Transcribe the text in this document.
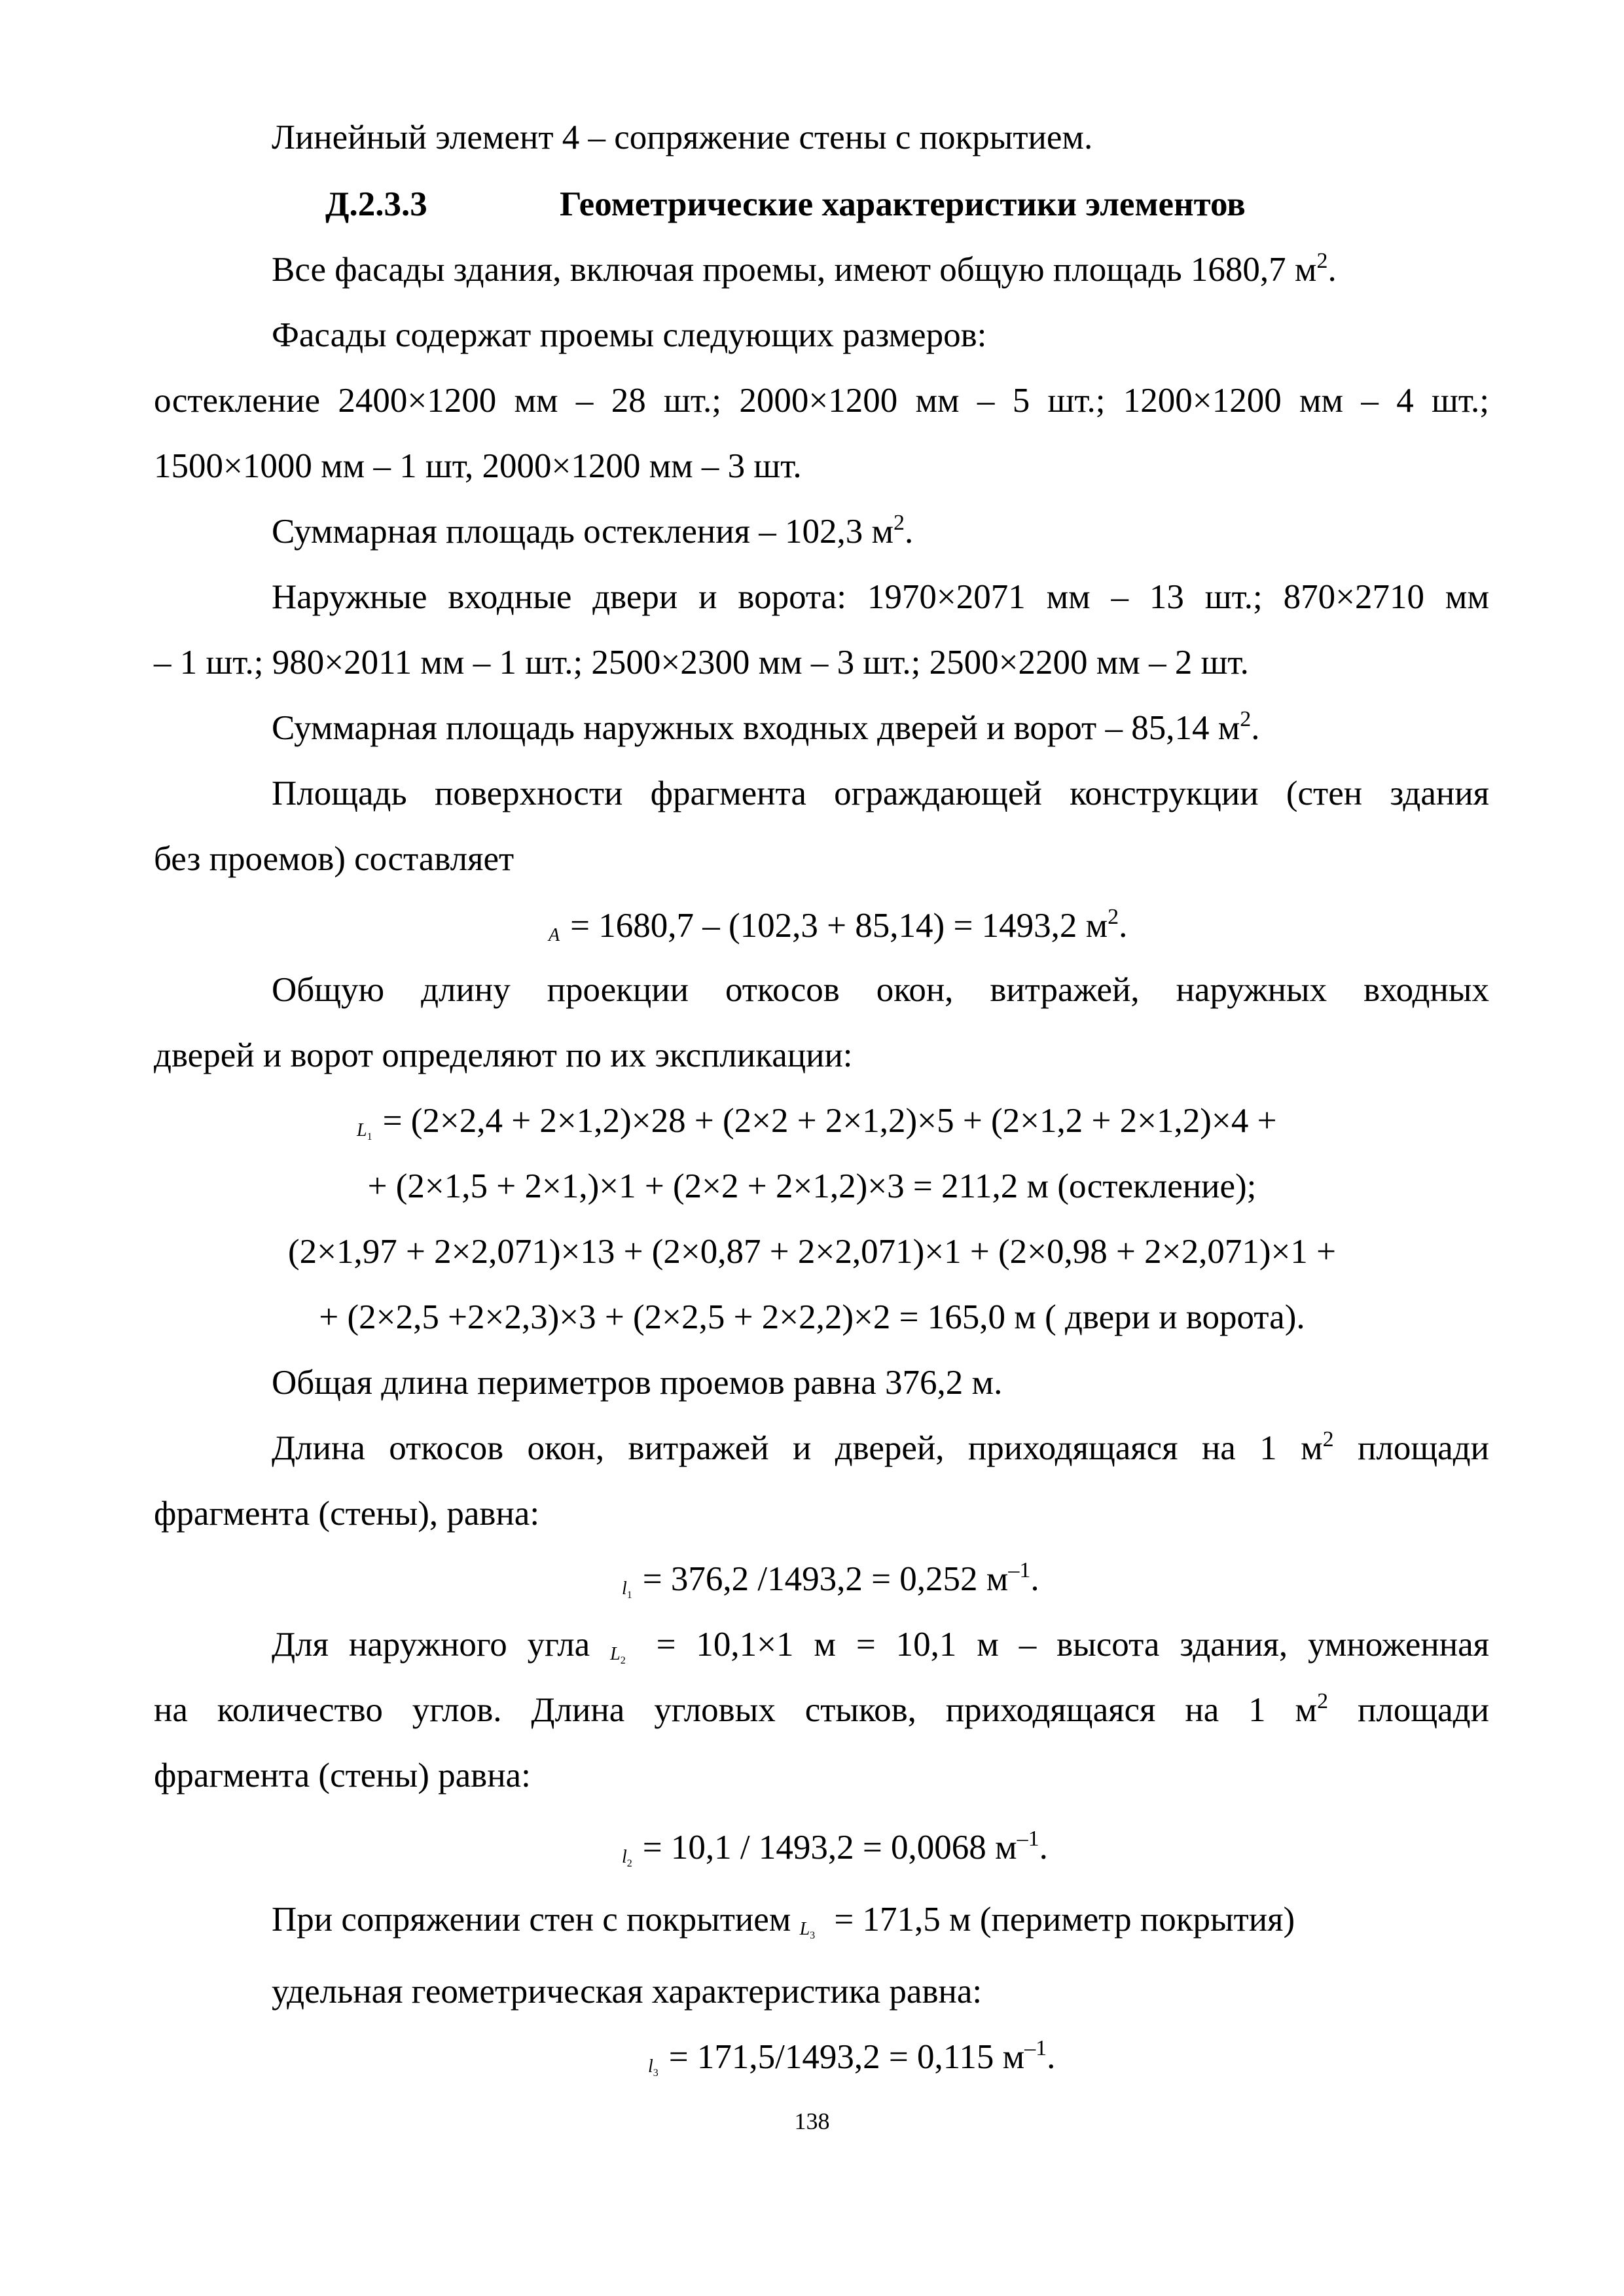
Линейный элемент 4 – сопряжение стены с покрытием.
Д.2.3.3	Геометрические характеристики элементов
Все фасады здания, включая проемы, имеют общую площадь 1680,7 $м^2$.
Фасады содержат проемы следующих размеров:
остекление 2400×1200 мм – 28 шт.; 2000×1200 мм – 5 шт.; 1200×1200 мм – 4 шт.;
1500×1000 мм – 1 шт, 2000×1200 мм – 3 шт.
Суммарная площадь остекления – 102,3 $м^2$.
Наружные входные двери и ворота: 1970×2071 мм – 13 шт.; 870×2710 мм
– 1 шт.; 980×2011 мм – 1 шт.; 2500×2300 мм – 3 шт.; 2500×2200 мм – 2 шт.
Суммарная площадь наружных входных дверей и ворот – 85,14 $м^2$.
Площадь поверхности фрагмента ограждающей конструкции (стен здания
без проемов) составляет
A = 1680,7 – (102,3 + 85,14) = 1493,2 $м^2$.
Общую длину проекции откосов окон, витражей, наружных входных
дверей и ворот определяют по их экспликации:
$L_1 = (2\times 2,4 + 2\times 1,2)\times 28 + (2\times 2 + 2\times 1,2)\times 5 + (2\times 1,2 + 2\times 1,2)\times 4$ +
+ (2×1,5 + 2×1,)×1 + (2×2 + 2×1,2)×3 = 211,2 м (остекление);
(2×1,97 + 2×2,071)×13 + (2×0,87 + 2×2,071)×1 + (2×0,98 + 2×2,071)×1 +
+ (2×2,5 +2×2,3)×3 + (2×2,5 + 2×2,2)×2 = 165,0 м ( двери и ворота).
Общая длина периметров проемов равна 376,2 м.
Длина откосов окон, витражей и дверей, приходящаяся на 1 $м^2$ площади
фрагмента (стены), равна:
$l_1 = 376,2$ /1493,2 = 0,252 $м^{-1}$.
Для наружного угла $L_2 = 10,1\times 1$ м = 10,1 м – высота здания, умноженная
на количество углов. Длина угловых стыков, приходящаяся на 1 $м^2$ площади
фрагмента (стены) равна:
$l_2 = 10,1 / 1493,2 = 0,0068$ $м^{-1}$.
При сопряжении стен с покрытием $L_3 = 171,5$ м (периметр покрытия)
удельная геометрическая характеристика равна:
$l_3 = 171,5/1493,2 = 0,115$ $м^{-1}$.
138
